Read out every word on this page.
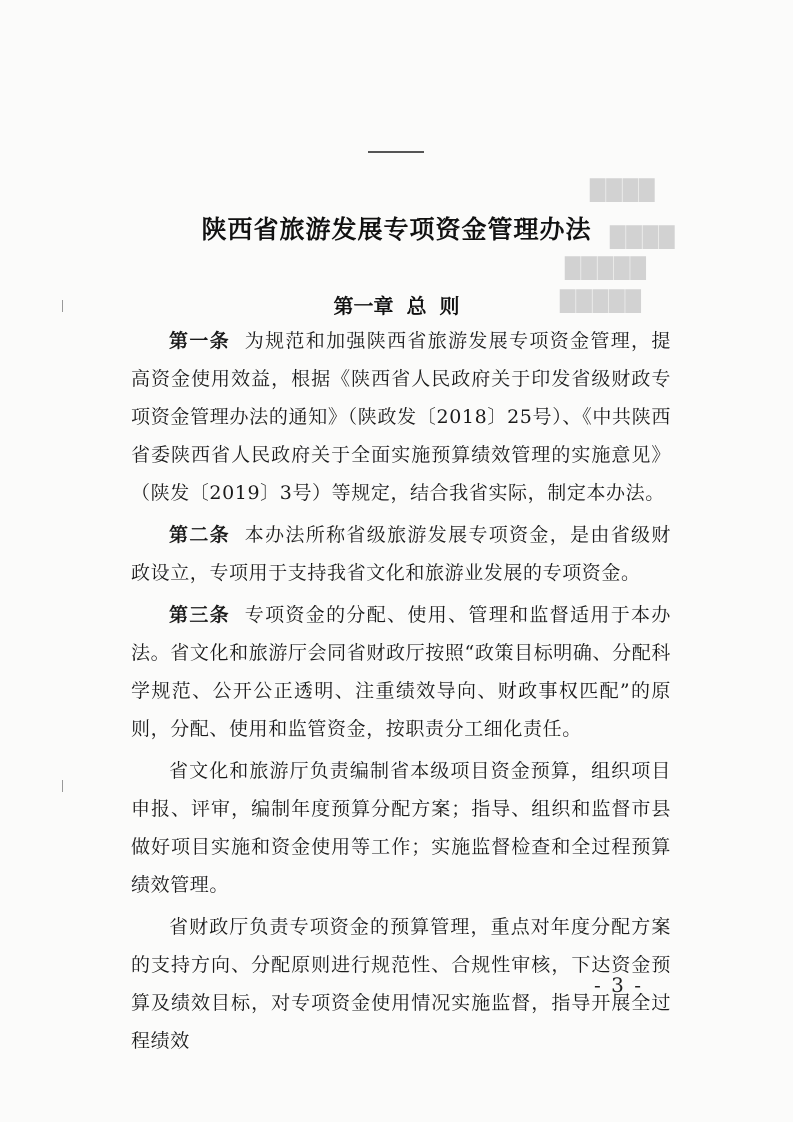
████
████
█████
█████
陕西省旅游发展专项资金管理办法
第一章 总 则

第一条 为规范和加强陕西省旅游发展专项资金管理，提高资金使用效益，根据《陕西省人民政府关于印发省级财政专项资金管理办法的通知》（陕政发〔2018〕25号）、《中共陕西省委陕西省人民政府关于全面实施预算绩效管理的实施意见》（陕发〔2019〕3号）等规定，结合我省实际，制定本办法。

第二条 本办法所称省级旅游发展专项资金，是由省级财政设立，专项用于支持我省文化和旅游业发展的专项资金。

第三条 专项资金的分配、使用、管理和监督适用于本办法。省文化和旅游厅会同省财政厅按照“政策目标明确、分配科学规范、公开公正透明、注重绩效导向、财政事权匹配”的原则，分配、使用和监管资金，按职责分工细化责任。

省文化和旅游厅负责编制省本级项目资金预算，组织项目申报、评审，编制年度预算分配方案；指导、组织和监督市县做好项目实施和资金使用等工作；实施监督检查和全过程预算绩效管理。

省财政厅负责专项资金的预算管理，重点对年度分配方案的支持方向、分配原则进行规范性、合规性审核，下达资金预算及绩效目标，对专项资金使用情况实施监督，指导开展全过程绩效

- 3 -
